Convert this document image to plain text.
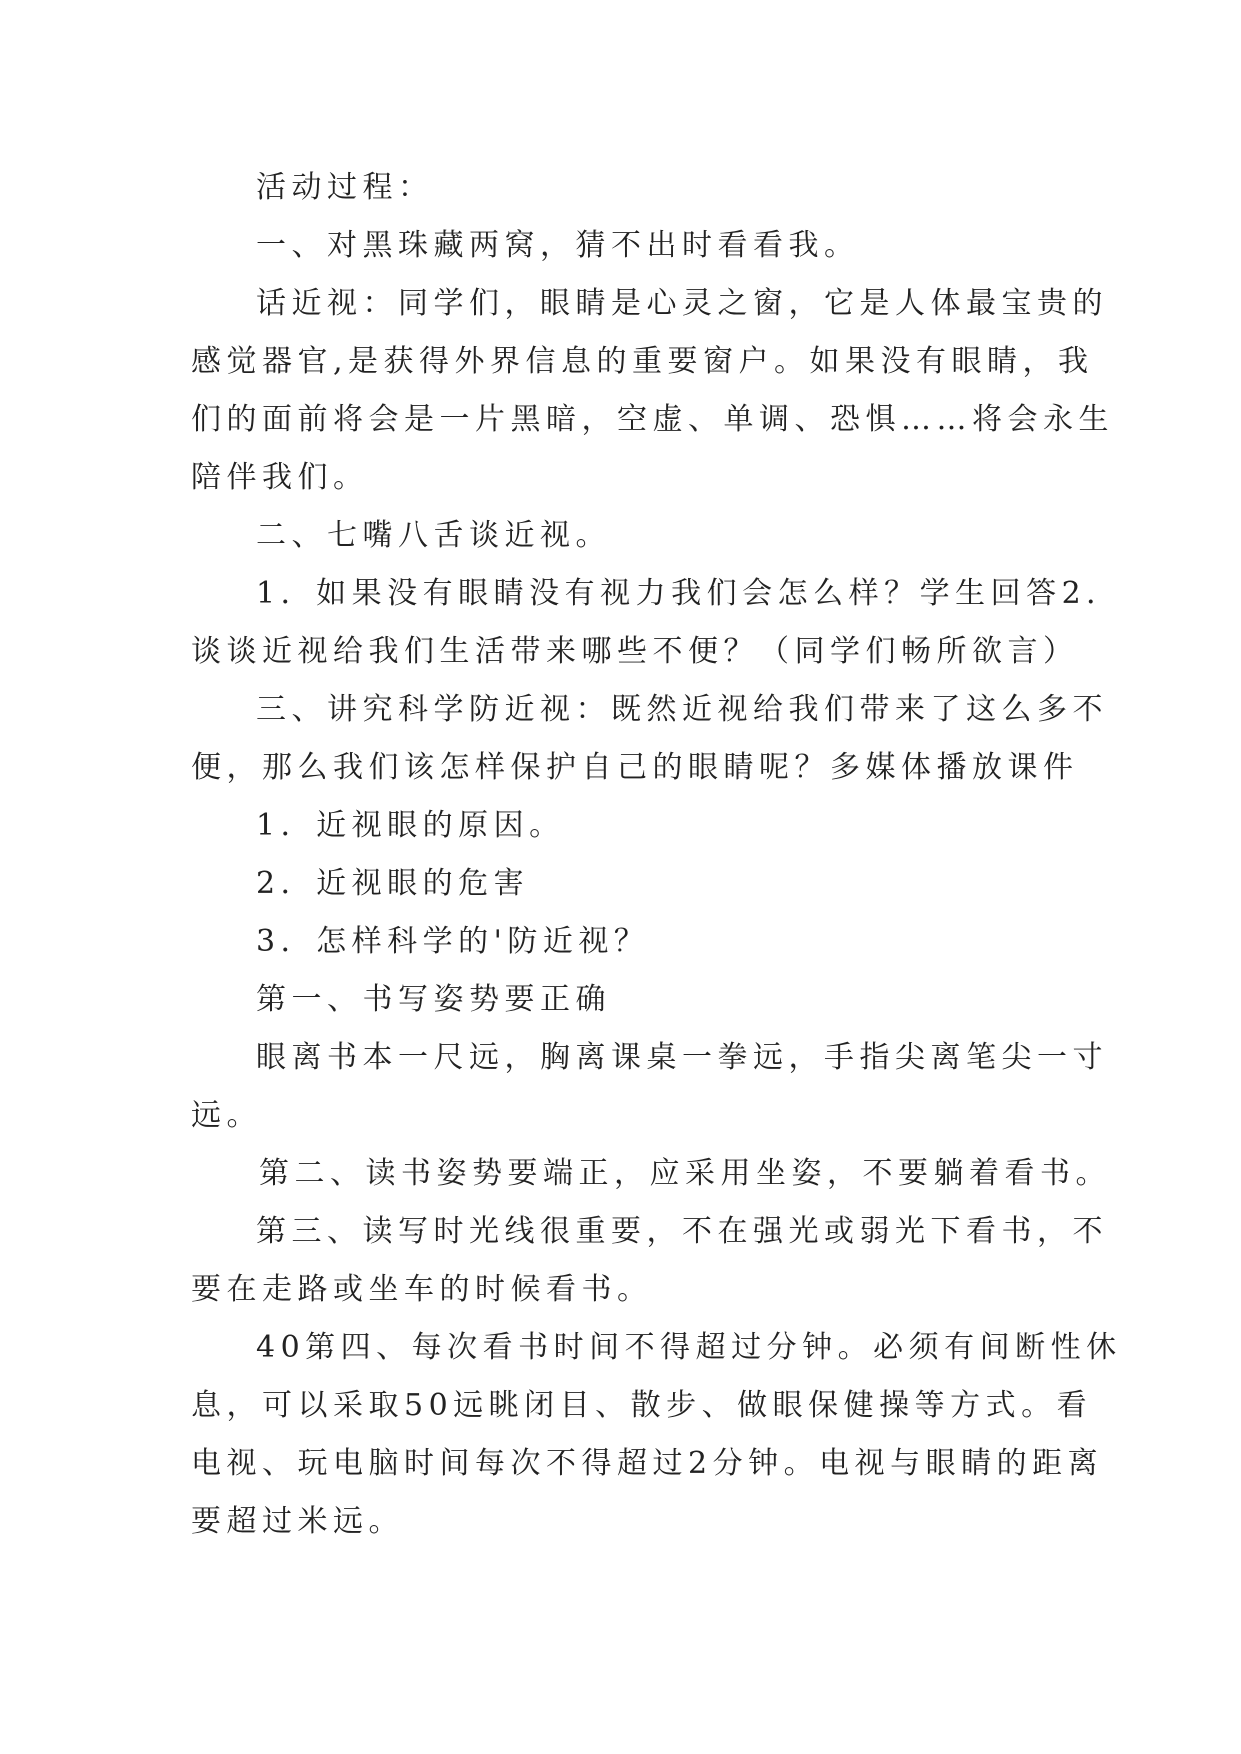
活动过程：
一、对黑珠藏两窝，猜不出时看看我。
话近视：同学们，眼睛是心灵之窗，它是人体最宝贵的
感觉器官,是获得外界信息的重要窗户。如果没有眼睛，我
们的面前将会是一片黑暗，空虚、单调、恐惧……将会永生
陪伴我们。
二、七嘴八舌谈近视。
1．如果没有眼睛没有视力我们会怎么样？学生回答2．
谈谈近视给我们生活带来哪些不便？（同学们畅所欲言）
三、讲究科学防近视：既然近视给我们带来了这么多不
便，那么我们该怎样保护自己的眼睛呢？多媒体播放课件
1．近视眼的原因。
2．近视眼的危害
3．怎样科学的'防近视？
第一、书写姿势要正确
眼离书本一尺远，胸离课桌一拳远，手指尖离笔尖一寸
远。
第二、读书姿势要端正，应采用坐姿，不要躺着看书。
第三、读写时光线很重要，不在强光或弱光下看书，不
要在走路或坐车的时候看书。
40第四、每次看书时间不得超过分钟。必须有间断性休
息，可以采取50远眺闭目、散步、做眼保健操等方式。看
电视、玩电脑时间每次不得超过2分钟。电视与眼睛的距离
要超过米远。
